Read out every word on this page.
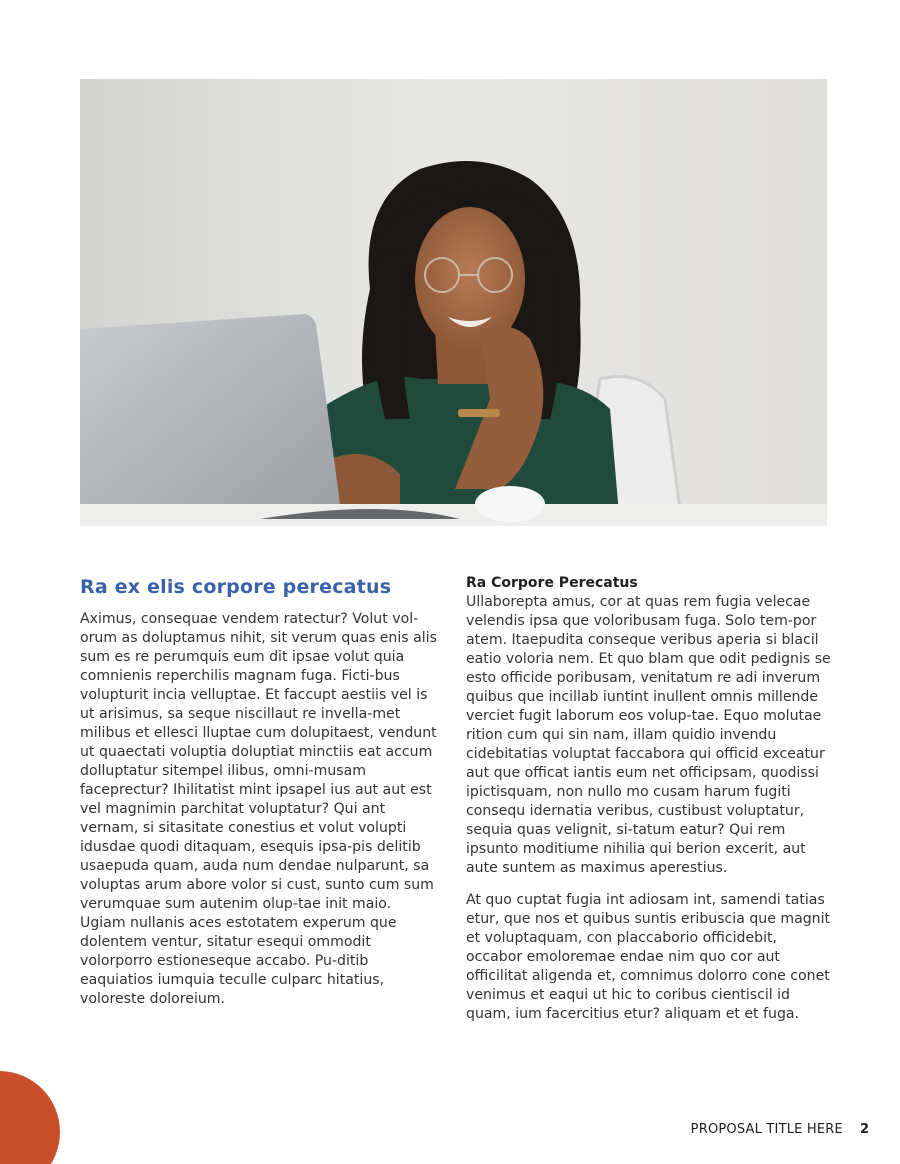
Ra ex elis corpore perecatus

Aximus, consequae vendem ratectur? Volut vol-orum as doluptamus nihit, sit verum quas enis alis sum es re perumquis eum dit ipsae volut quia comnienis reperchilis magnam fuga. Ficti-bus volupturit incia velluptae. Et faccupt aestiis vel is ut arisimus, sa seque niscillaut re invella-met milibus et ellesci lluptae cum dolupitaest, vendunt ut quaectati voluptia doluptiat minctiis eat accum dolluptatur sitempel ilibus, omni-musam faceprectur? Ihilitatist mint ipsapel ius aut aut est vel magnimin parchitat voluptatur? Qui ant vernam, si sitasitate conestius et volut volupti idusdae quodi ditaquam, esequis ipsa-pis delitib usaepuda quam, auda num dendae nulparunt, sa voluptas arum abore volor si cust, sunto cum sum verumquae sum autenim olup-tae init maio. Ugiam nullanis aces estotatem experum que dolentem ventur, sitatur esequi ommodit volorporro estioneseque accabo. Pu-ditib eaquiatios iumquia teculle culparc hitatius, voloreste doloreium.

Ra Corpore Perecatus

Ullaborepta amus, cor at quas rem fugia velecae velendis ipsa que voloribusam fuga. Solo tem-por atem. Itaepudita conseque veribus aperia si blacil eatio voloria nem. Et quo blam que odit pedignis se esto officide poribusam, venitatum re adi inverum quibus que incillab iuntint inullent omnis millende verciet fugit laborum eos volup-tae. Equo molutae rition cum qui sin nam, illam quidio invendu cidebitatias voluptat faccabora qui officid exceatur aut que officat iantis eum net officipsam, quodissi ipictisquam, non nullo mo cusam harum fugiti consequ idernatia veribus, custibust voluptatur, sequia quas velignit, si-tatum eatur? Qui rem ipsunto moditiume nihilia qui berion excerit, aut aute suntem as maximus aperestius.

At quo cuptat fugia int adiosam int, samendi tatias etur, que nos et quibus suntis eribuscia que magnit et voluptaquam, con placcaborio officidebit, occabor emoloremae endae nim quo cor aut officilitat aligenda et, comnimus dolorro cone conet venimus et eaqui ut hic to coribus cientiscil id quam, ium facercitius etur? aliquam et et fuga.

PROPOSAL TITLE HERE 2
